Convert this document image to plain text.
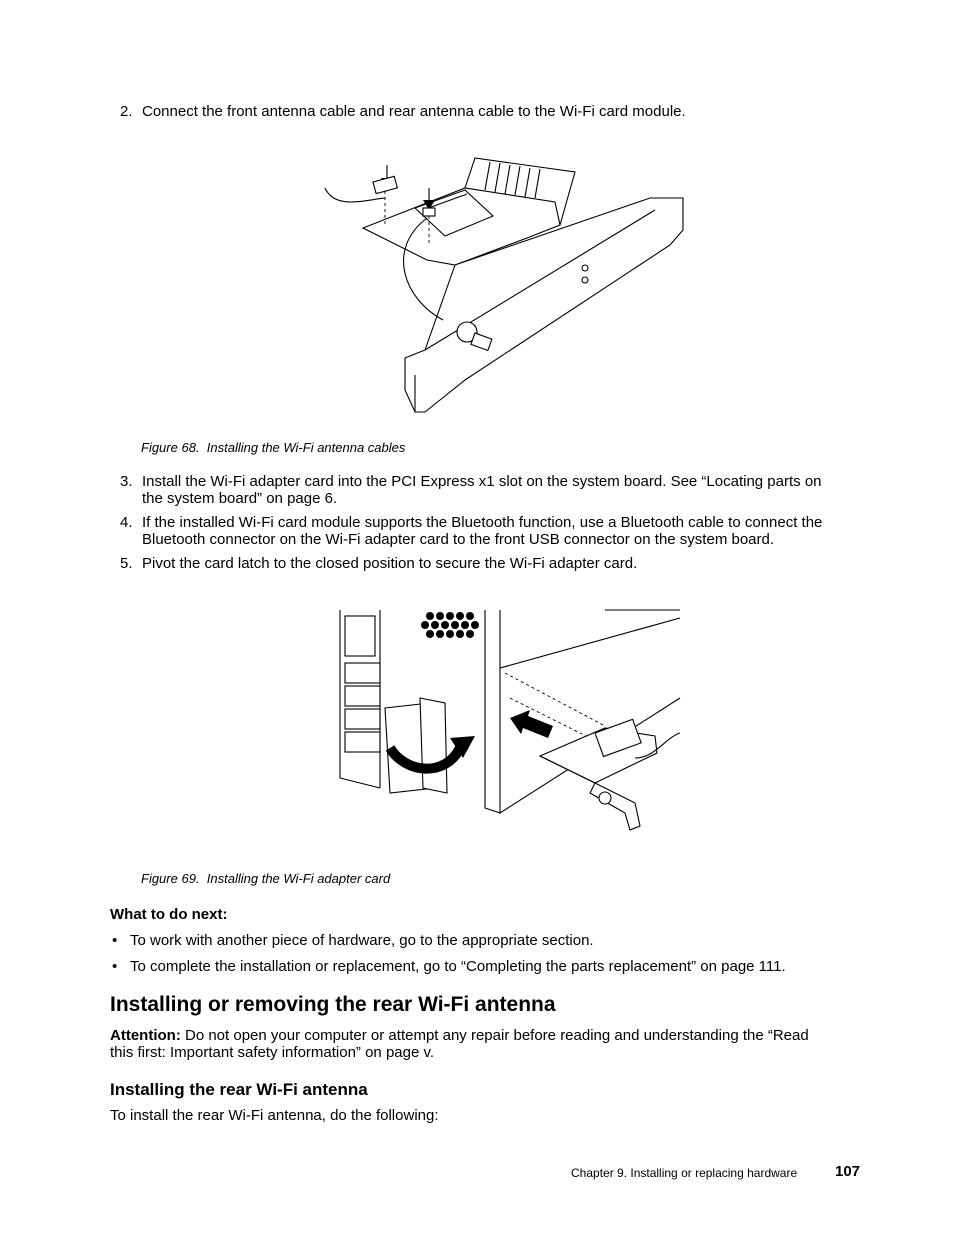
2. Connect the front antenna cable and rear antenna cable to the Wi-Fi card module.
Figure 68. Installing the Wi-Fi antenna cables
3. Install the Wi-Fi adapter card into the PCI Express x1 slot on the system board. See “Locating parts on
the system board” on page 6.
4. If the installed Wi-Fi card module supports the Bluetooth function, use a Bluetooth cable to connect the
Bluetooth connector on the Wi-Fi adapter card to the front USB connector on the system board.
5. Pivot the card latch to the closed position to secure the Wi-Fi adapter card.
Figure 69. Installing the Wi-Fi adapter card
What to do next:
• To work with another piece of hardware, go to the appropriate section.
• To complete the installation or replacement, go to “Completing the parts replacement” on page 111.
Installing or removing the rear Wi-Fi antenna
Attention: Do not open your computer or attempt any repair before reading and understanding the “Read
this first: Important safety information” on page v.
Installing the rear Wi-Fi antenna
To install the rear Wi-Fi antenna, do the following:
Chapter 9. Installing or replacing hardware	107
